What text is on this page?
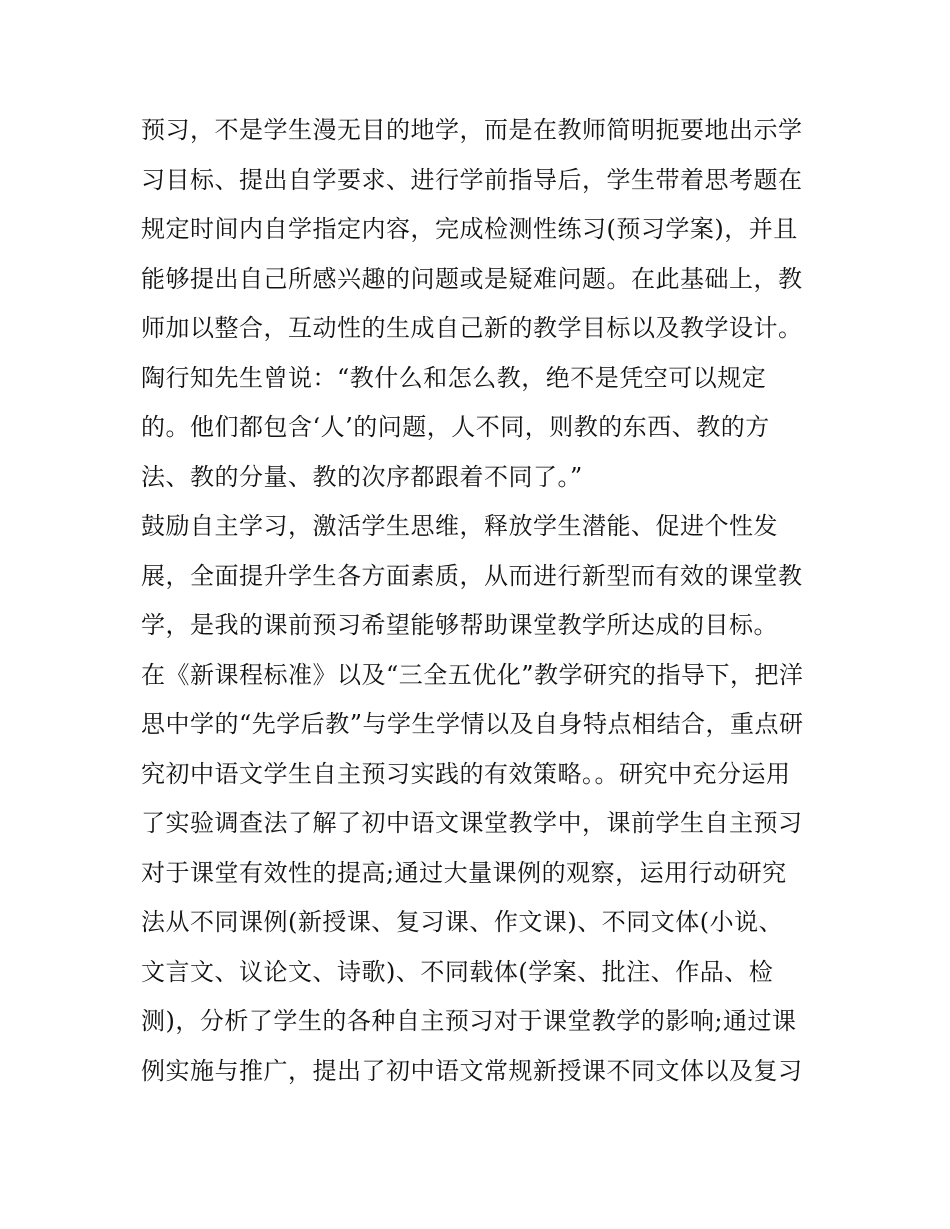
预习，不是学生漫无目的地学，而是在教师简明扼要地出示学
习目标、提出自学要求、进行学前指导后，学生带着思考题在
规定时间内自学指定内容，完成检测性练习(预习学案)，并且
能够提出自己所感兴趣的问题或是疑难问题。在此基础上，教
师加以整合，互动性的生成自己新的教学目标以及教学设计。
陶行知先生曾说：“教什么和怎么教，绝不是凭空可以规定
的。他们都包含‘人’的问题，人不同，则教的东西、教的方
法、教的分量、教的次序都跟着不同了。”
鼓励自主学习，激活学生思维，释放学生潜能、促进个性发
展，全面提升学生各方面素质，从而进行新型而有效的课堂教
学，是我的课前预习希望能够帮助课堂教学所达成的目标。
在《新课程标准》以及“三全五优化”教学研究的指导下，把洋
思中学的“先学后教”与学生学情以及自身特点相结合，重点研
究初中语文学生自主预习实践的有效策略。。研究中充分运用
了实验调查法了解了初中语文课堂教学中，课前学生自主预习
对于课堂有效性的提高;通过大量课例的观察，运用行动研究
法从不同课例(新授课、复习课、作文课)、不同文体(小说、
文言文、议论文、诗歌)、不同载体(学案、批注、作品、检
测)，分析了学生的各种自主预习对于课堂教学的影响;通过课
例实施与推广，提出了初中语文常规新授课不同文体以及复习
